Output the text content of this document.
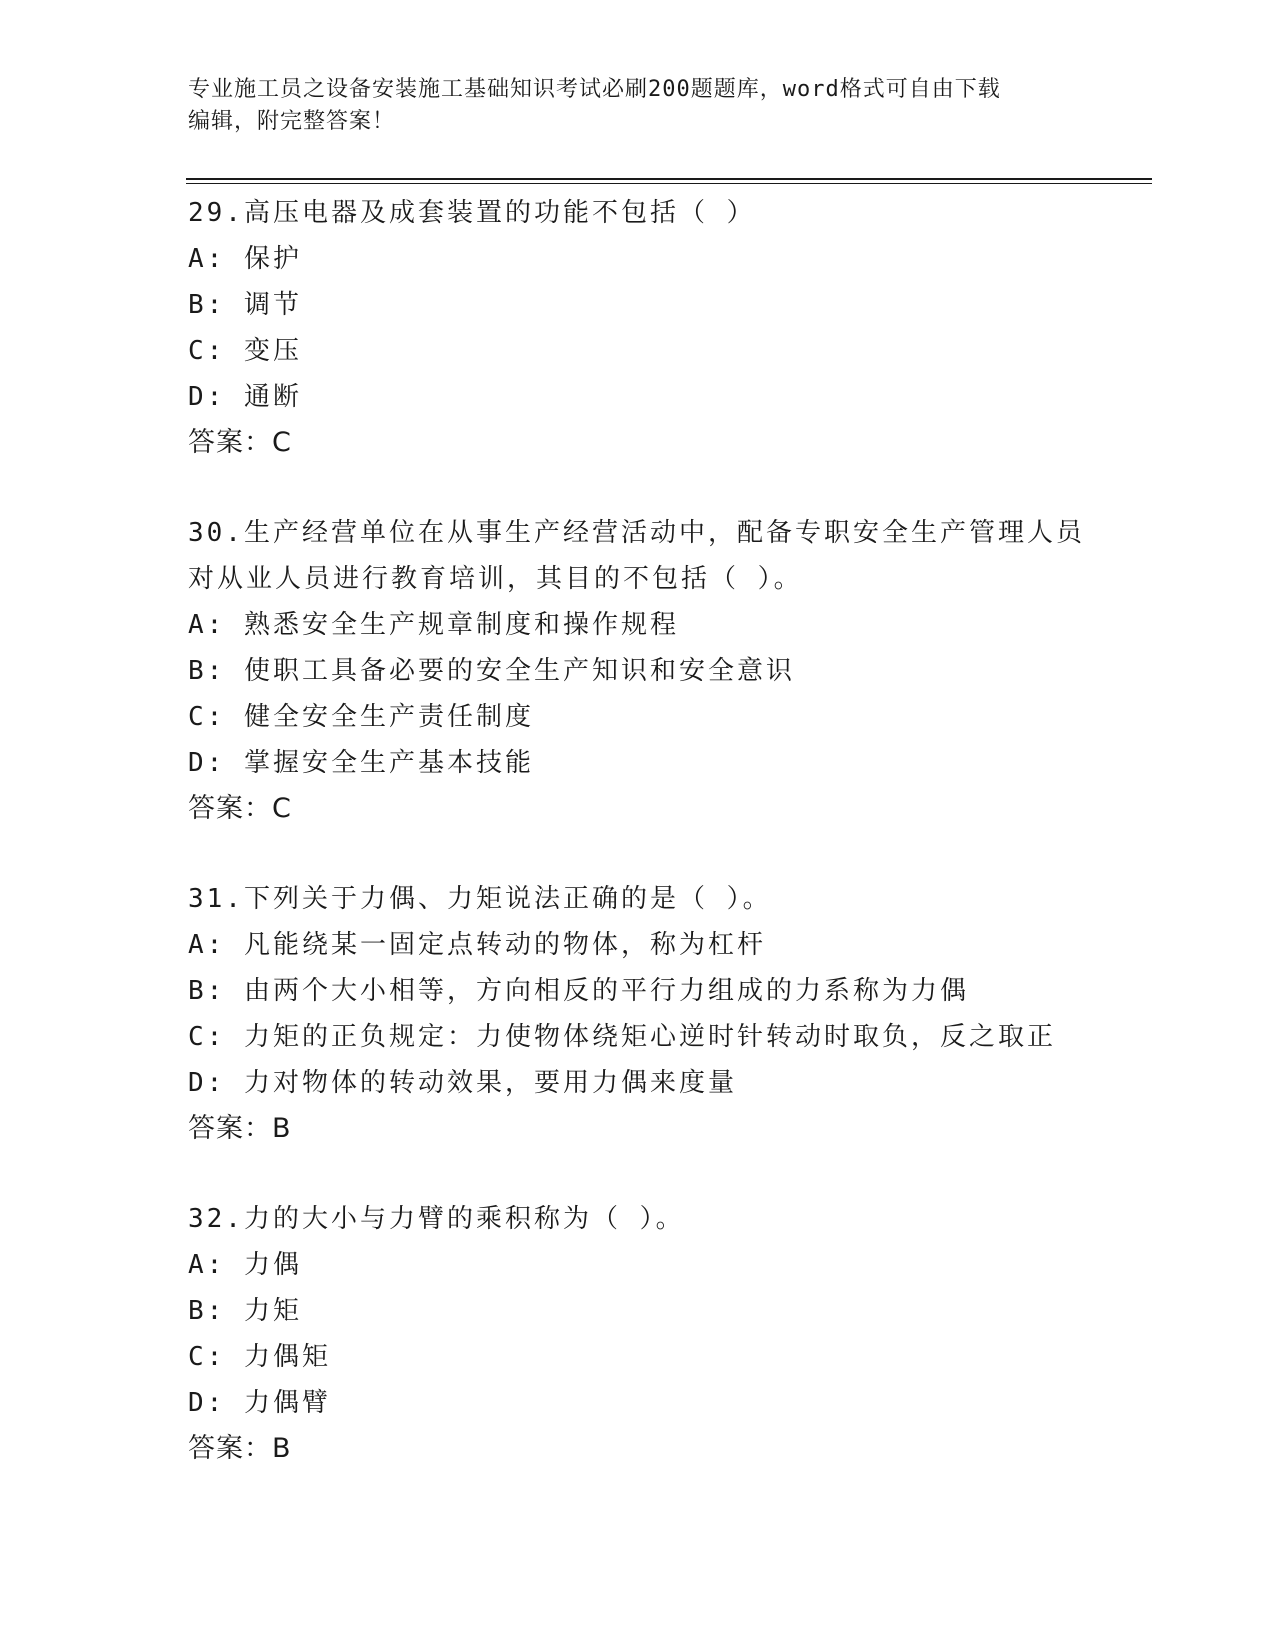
专业施工员之设备安装施工基础知识考试必刷200题题库，word格式可自由下载
编辑，附完整答案！
29.高压电器及成套装置的功能不包括（ ）
A: 保护
B: 调节
C: 变压
D: 通断
答案：C
30.生产经营单位在从事生产经营活动中，配备专职安全生产管理人员
对从业人员进行教育培训，其目的不包括（ ）。
A: 熟悉安全生产规章制度和操作规程
B: 使职工具备必要的安全生产知识和安全意识
C: 健全安全生产责任制度
D: 掌握安全生产基本技能
答案：C
31.下列关于力偶、力矩说法正确的是（ ）。
A: 凡能绕某一固定点转动的物体，称为杠杆
B: 由两个大小相等，方向相反的平行力组成的力系称为力偶
C: 力矩的正负规定：力使物体绕矩心逆时针转动时取负，反之取正
D: 力对物体的转动效果，要用力偶来度量
答案：B
32.力的大小与力臂的乘积称为（ ）。
A: 力偶
B: 力矩
C: 力偶矩
D: 力偶臂
答案：B
